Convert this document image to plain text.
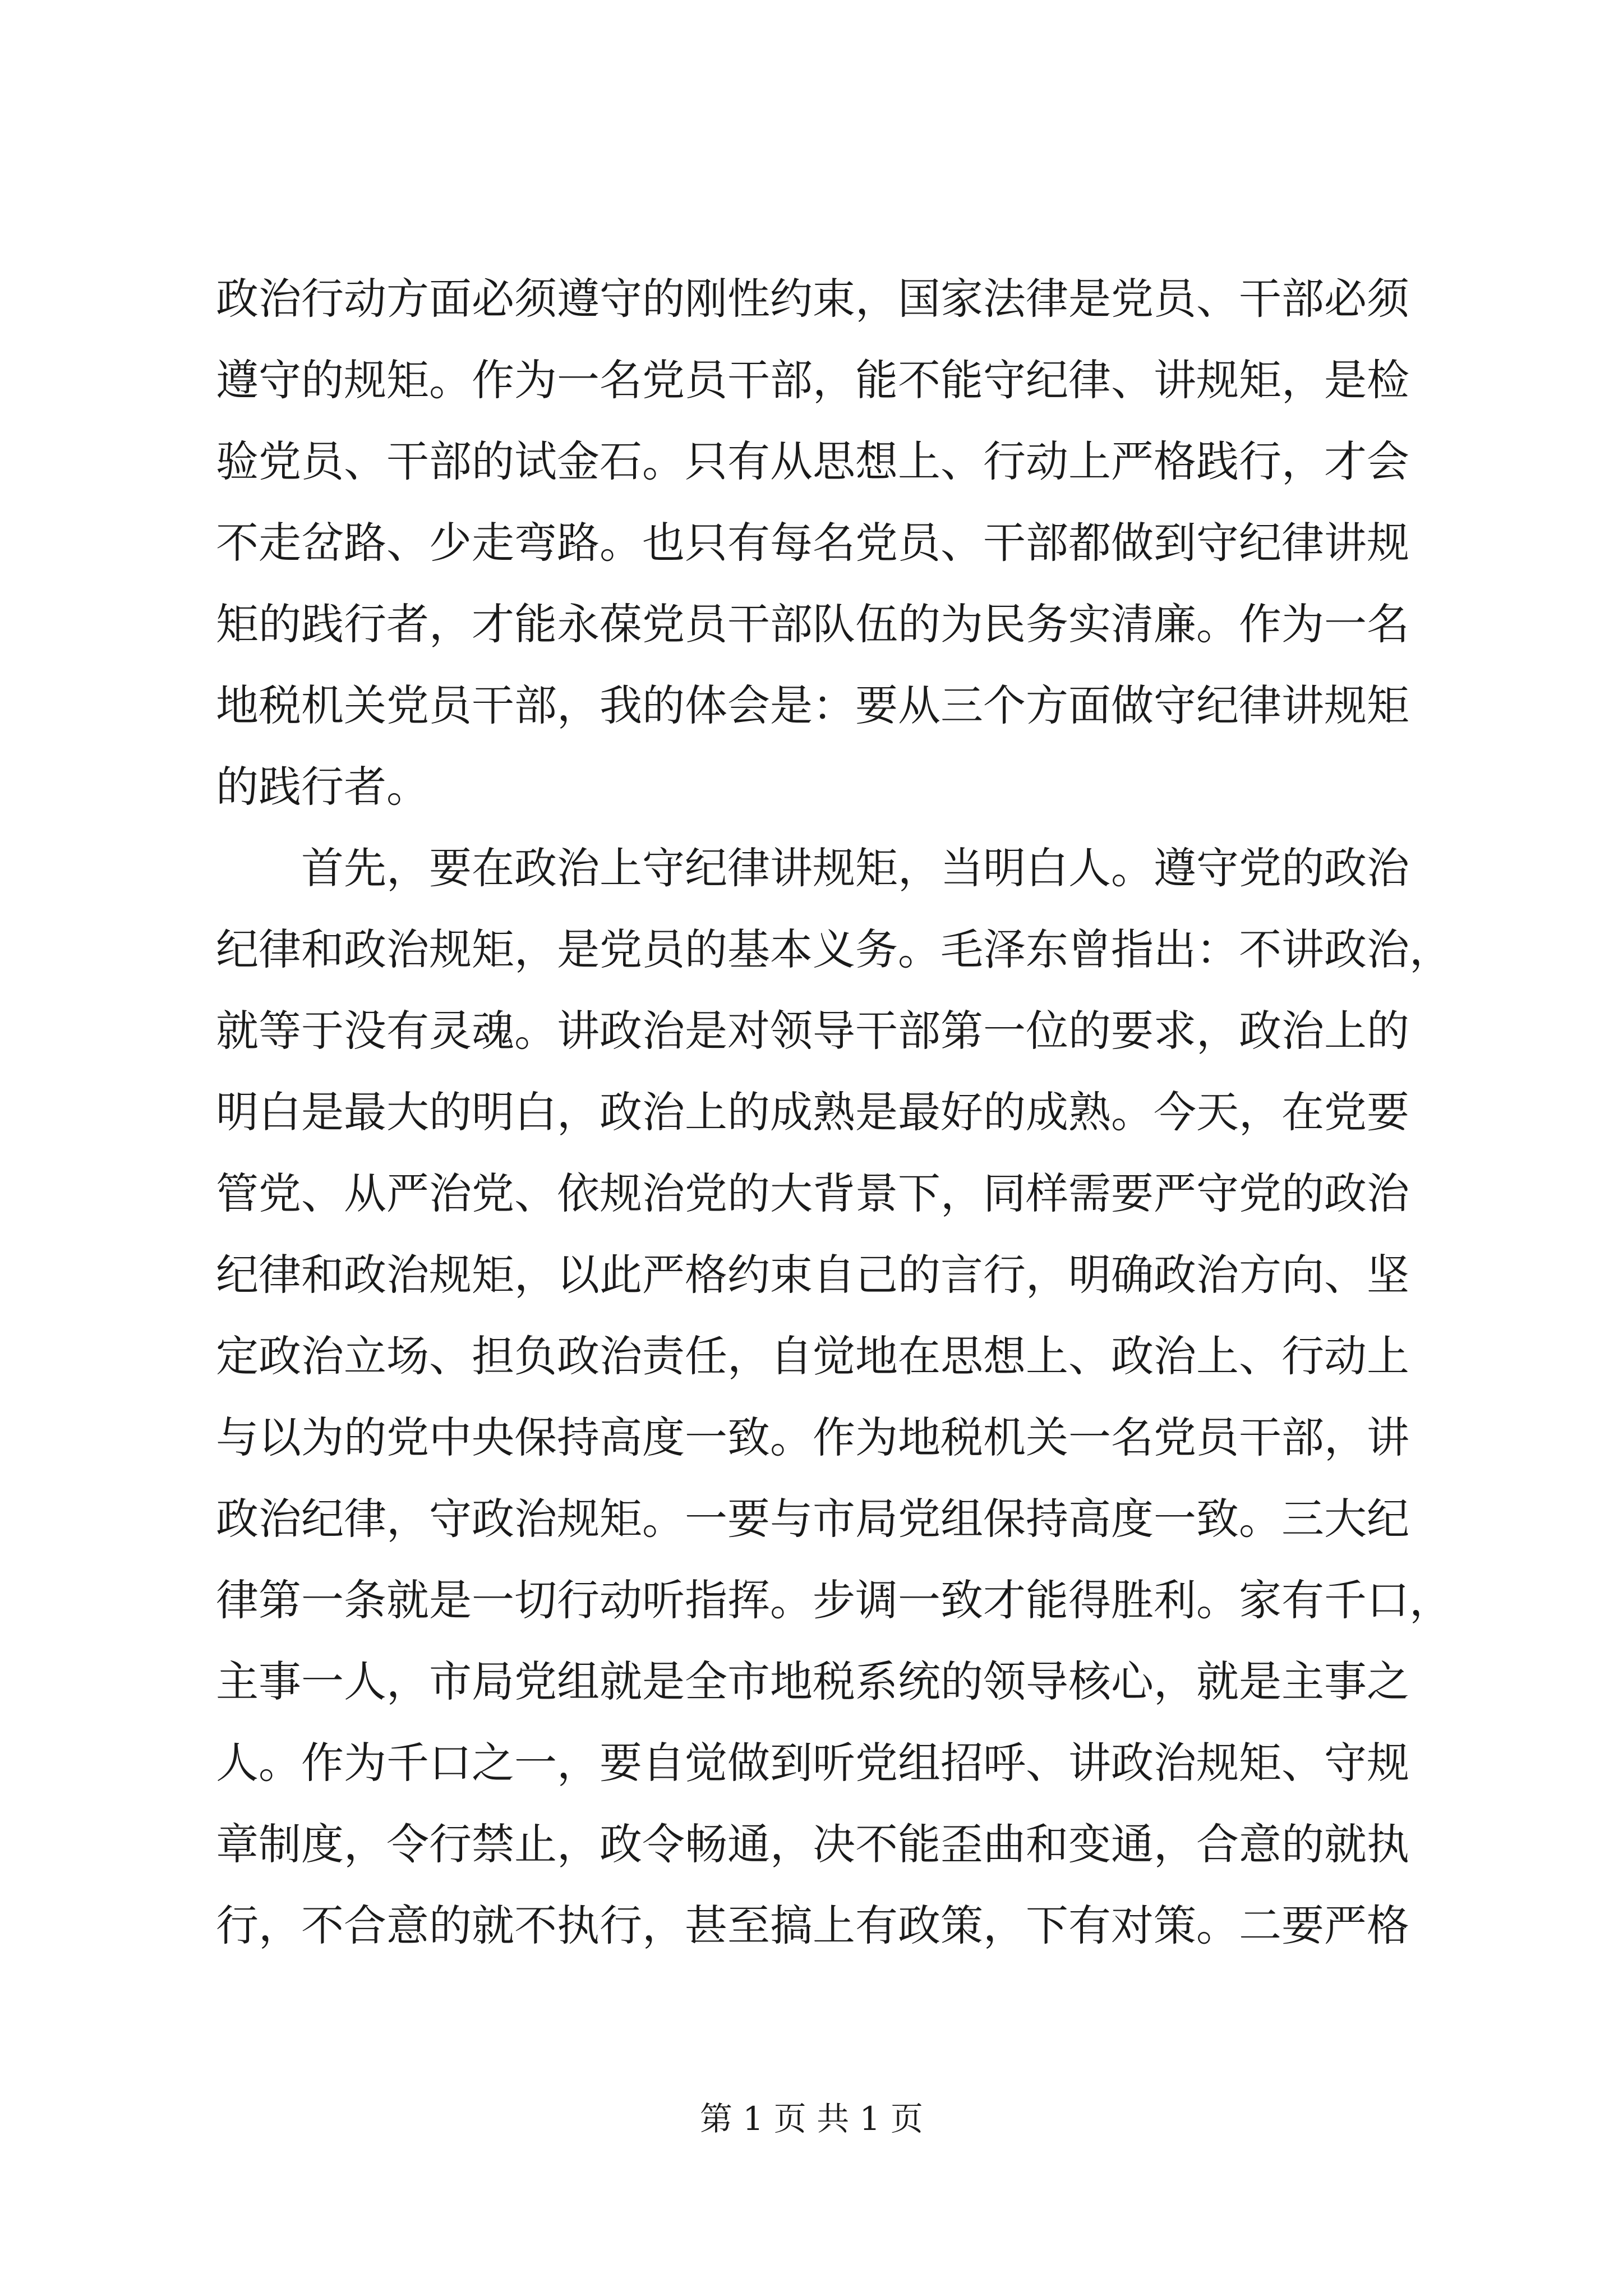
政治行动方面必须遵守的刚性约束，国家法律是党员、干部必须
遵守的规矩。作为一名党员干部，能不能守纪律、讲规矩，是检
验党员、干部的试金石。只有从思想上、行动上严格践行，才会
不走岔路、少走弯路。也只有每名党员、干部都做到守纪律讲规
矩的践行者，才能永葆党员干部队伍的为民务实清廉。作为一名
地税机关党员干部，我的体会是：要从三个方面做守纪律讲规矩
的践行者。
首先，要在政治上守纪律讲规矩，当明白人。遵守党的政治
纪律和政治规矩，是党员的基本义务。毛泽东曾指出：不讲政治，
就等于没有灵魂。讲政治是对领导干部第一位的要求，政治上的
明白是最大的明白，政治上的成熟是最好的成熟。今天，在党要
管党、从严治党、依规治党的大背景下，同样需要严守党的政治
纪律和政治规矩，以此严格约束自己的言行，明确政治方向、坚
定政治立场、担负政治责任，自觉地在思想上、政治上、行动上
与以为的党中央保持高度一致。作为地税机关一名党员干部，讲
政治纪律，守政治规矩。一要与市局党组保持高度一致。三大纪
律第一条就是一切行动听指挥。步调一致才能得胜利。家有千口，
主事一人，市局党组就是全市地税系统的领导核心，就是主事之
人。作为千口之一，要自觉做到听党组招呼、讲政治规矩、守规
章制度，令行禁止，政令畅通，决不能歪曲和变通，合意的就执
行，不合意的就不执行，甚至搞上有政策，下有对策。二要严格
第 1 页 共 1 页
